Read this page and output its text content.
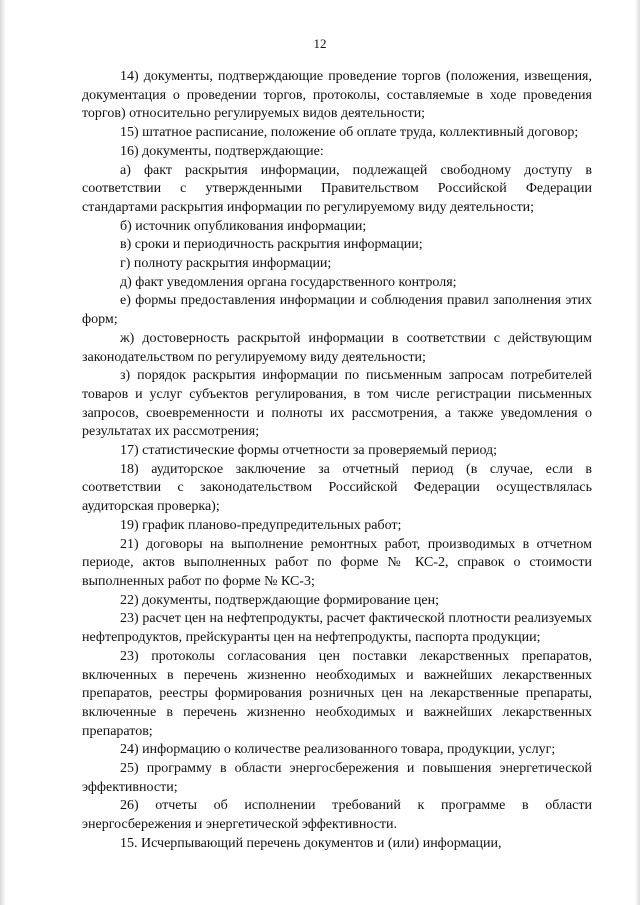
12

14) документы, подтверждающие проведение торгов (положения, извещения, документация о проведении торгов, протоколы, составляемые в ходе проведения торгов) относительно регулируемых видов деятельности;

15) штатное расписание, положение об оплате труда, коллективный договор;

16) документы, подтверждающие:

а) факт раскрытия информации, подлежащей свободному доступу в соответствии с утвержденными Правительством Российской Федерации стандартами раскрытия информации по регулируемому виду деятельности;

б) источник опубликования информации;

в) сроки и периодичность раскрытия информации;

г) полноту раскрытия информации;

д) факт уведомления органа государственного контроля;

е) формы предоставления информации и соблюдения правил заполнения этих форм;

ж) достоверность раскрытой информации в соответствии с действующим законодательством по регулируемому виду деятельности;

з) порядок раскрытия информации по письменным запросам потребителей товаров и услуг субъектов регулирования, в том числе регистрации письменных запросов, своевременности и полноты их рассмотрения, а также уведомления о результатах их рассмотрения;

17) статистические формы отчетности за проверяемый период;

18) аудиторское заключение за отчетный период (в случае, если в соответствии с законодательством Российской Федерации осуществлялась аудиторская проверка);

19) график планово-предупредительных работ;

21) договоры на выполнение ремонтных работ, производимых в отчетном периоде, актов выполненных работ по форме № КС-2, справок о стоимости выполненных работ по форме № КС-3;

22) документы, подтверждающие формирование цен;

23) расчет цен на нефтепродукты, расчет фактической плотности реализуемых нефтепродуктов, прейскуранты цен на нефтепродукты, паспорта продукции;

23) протоколы согласования цен поставки лекарственных препаратов, включенных в перечень жизненно необходимых и важнейших лекарственных препаратов, реестры формирования розничных цен на лекарственные препараты, включенные в перечень жизненно необходимых и важнейших лекарственных препаратов;

24) информацию о количестве реализованного товара, продукции, услуг;

25) программу в области энергосбережения и повышения энергетической эффективности;

26) отчеты об исполнении требований к программе в области энергосбережения и энергетической эффективности.

15. Исчерпывающий перечень документов и (или) информации,
